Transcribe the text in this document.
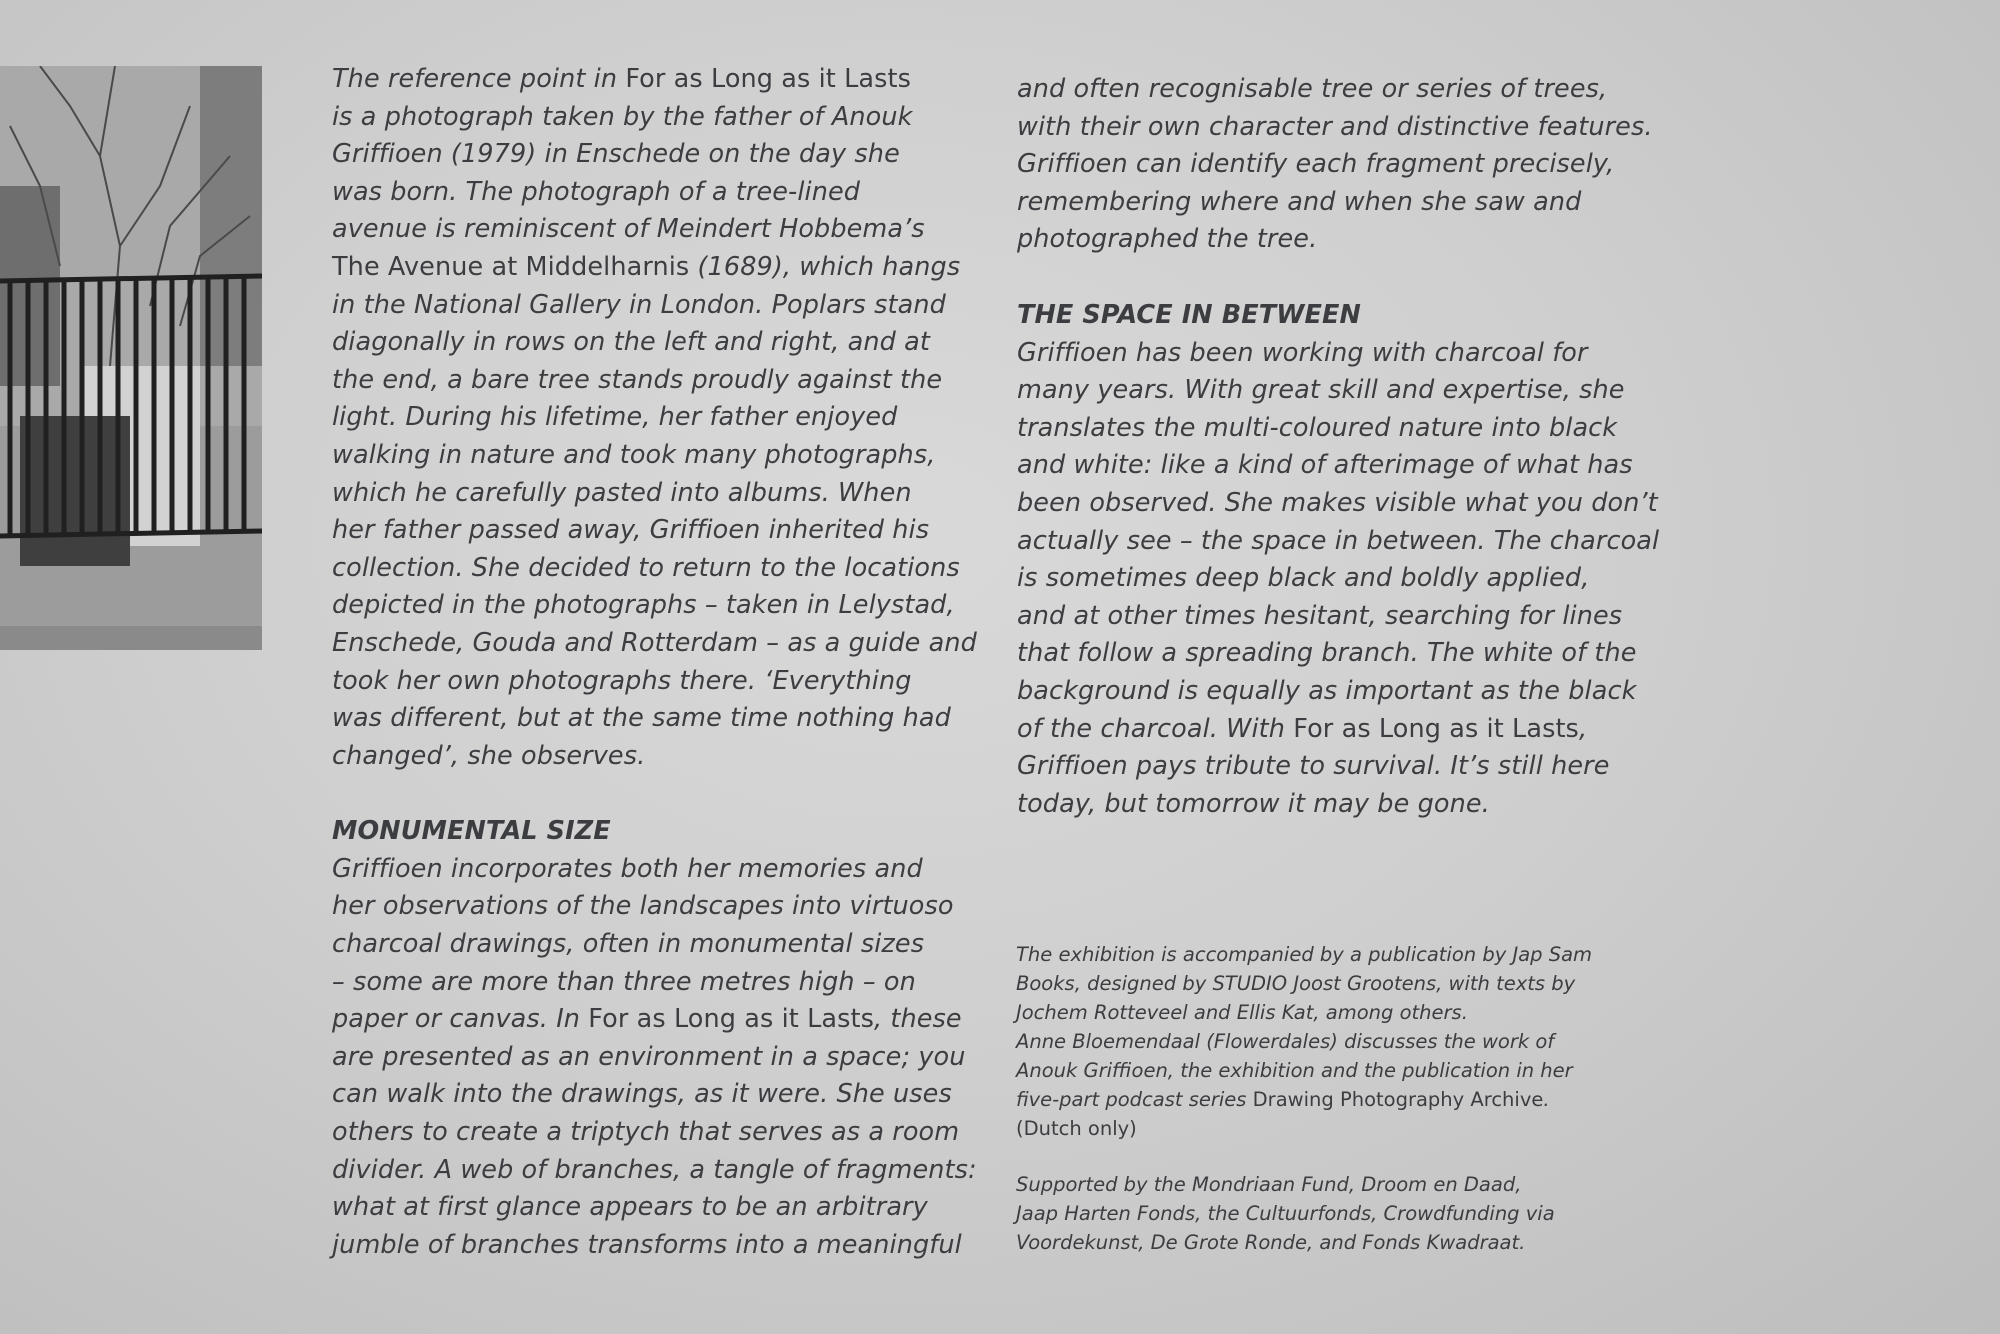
The reference point in For as Long as it Lasts

is a photograph taken by the father of Anouk

Griffioen (1979) in Enschede on the day she

was born. The photograph of a tree-lined

avenue is reminiscent of Meindert Hobbema’s

The Avenue at Middelharnis (1689), which hangs

in the National Gallery in London. Poplars stand

diagonally in rows on the left and right, and at

the end, a bare tree stands proudly against the

light. During his lifetime, her father enjoyed

walking in nature and took many photographs,

which he carefully pasted into albums. When

her father passed away, Griffioen inherited his

collection. She decided to return to the locations

depicted in the photographs – taken in Lelystad,

Enschede, Gouda and Rotterdam – as a guide and

took her own photographs there. ‘Everything

was different, but at the same time nothing had

changed’, she observes.

MONUMENTAL SIZE

Griffioen incorporates both her memories and

her observations of the landscapes into virtuoso

charcoal drawings, often in monumental sizes

– some are more than three metres high – on

paper or canvas. In For as Long as it Lasts, these

are presented as an environment in a space; you

can walk into the drawings, as it were. She uses

others to create a triptych that serves as a room

divider. A web of branches, a tangle of fragments:

what at first glance appears to be an arbitrary

jumble of branches transforms into a meaningful

and often recognisable tree or series of trees,

with their own character and distinctive features.

Griffioen can identify each fragment precisely,

remembering where and when she saw and

photographed the tree.

THE SPACE IN BETWEEN

Griffioen has been working with charcoal for

many years. With great skill and expertise, she

translates the multi-coloured nature into black

and white: like a kind of afterimage of what has

been observed. She makes visible what you don’t

actually see – the space in between. The charcoal

is sometimes deep black and boldly applied,

and at other times hesitant, searching for lines

that follow a spreading branch. The white of the

background is equally as important as the black

of the charcoal. With For as Long as it Lasts,

Griffioen pays tribute to survival. It’s still here

today, but tomorrow it may be gone.

The exhibition is accompanied by a publication by Jap Sam

Books, designed by STUDIO Joost Grootens, with texts by

Jochem Rotteveel and Ellis Kat, among others.

Anne Bloemendaal (Flowerdales) discusses the work of

Anouk Griffioen, the exhibition and the publication in her

five-part podcast series Drawing Photography Archive.

(Dutch only)

Supported by the Mondriaan Fund, Droom en Daad,

Jaap Harten Fonds, the Cultuurfonds, Crowdfunding via

Voordekunst, De Grote Ronde, and Fonds Kwadraat.
